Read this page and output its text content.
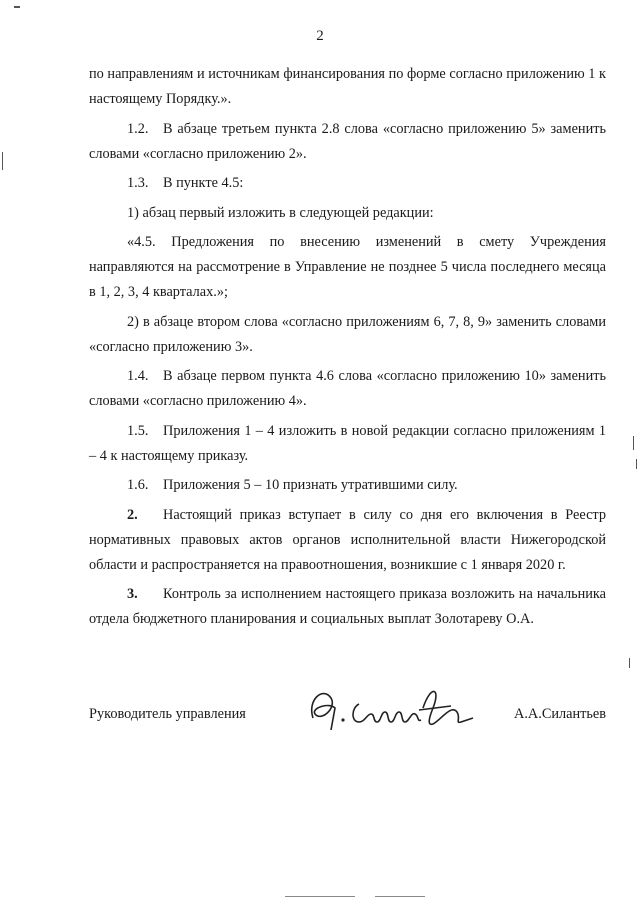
2

по направлениям и источникам финансирования по форме согласно приложению 1 к настоящему Порядку.».

1.2. В абзаце третьем пункта 2.8 слова «согласно приложению 5» заменить словами «согласно приложению 2».

1.3. В пункте 4.5:

1) абзац первый изложить в следующей редакции:

«4.5. Предложения по внесению изменений в смету Учреждения направляются на рассмотрение в Управление не позднее 5 числа последнего месяца в 1, 2, 3, 4 кварталах.»;

2) в абзаце втором слова «согласно приложениям 6, 7, 8, 9» заменить словами «согласно приложению 3».

1.4. В абзаце первом пункта 4.6 слова «согласно приложению 10» заменить словами «согласно приложению 4».

1.5. Приложения 1 – 4 изложить в новой редакции согласно приложениям 1 – 4 к настоящему приказу.

1.6. Приложения 5 – 10 признать утратившими силу.

2. Настоящий приказ вступает в силу со дня его включения в Реестр нормативных правовых актов органов исполнительной власти Нижегородской области и распространяется на правоотношения, возникшие с 1 января 2020 г.

3. Контроль за исполнением настоящего приказа возложить на начальника отдела бюджетного планирования и социальных выплат Золотареву О.А.

Руководитель управления	А.А.Силантьев
